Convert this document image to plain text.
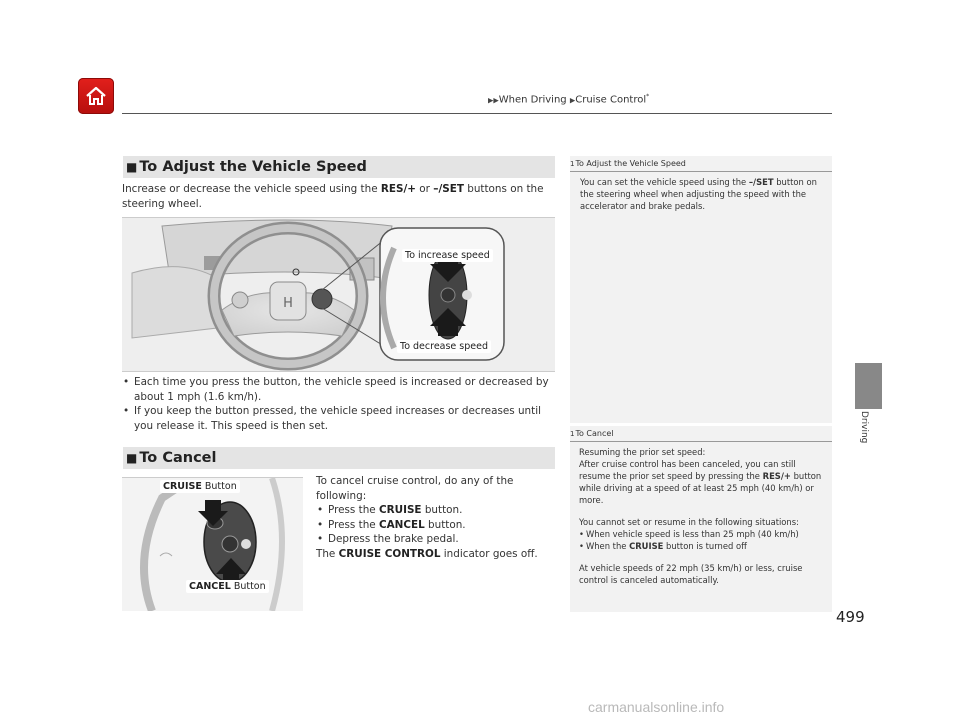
▶▶When Driving ▶Cruise Control*
Driving
■ To Adjust the Vehicle Speed
Increase or decrease the vehicle speed using the RES/+ or –/SET buttons on the steering wheel.
H
To increase speed
To decrease speed
• Each time you press the button, the vehicle speed is increased or decreased by about 1 mph (1.6 km/h).
• If you keep the button pressed, the vehicle speed increases or decreases until you release it. This speed is then set.
■ To Cancel
CRUISE Button
CANCEL Button
To cancel cruise control, do any of the following:
• Press the CRUISE button.
• Press the CANCEL button.
• Depress the brake pedal.
The CRUISE CONTROL indicator goes off.
1To Adjust the Vehicle Speed
You can set the vehicle speed using the –/SET button on the steering wheel when adjusting the speed with the accelerator and brake pedals.
1To Cancel
Resuming the prior set speed:
After cruise control has been canceled, you can still resume the prior set speed by pressing the RES/+ button while driving at a speed of at least 25 mph (40 km/h) or more.
You cannot set or resume in the following situations:
• When vehicle speed is less than 25 mph (40 km/h)
• When the CRUISE button is turned off
At vehicle speeds of 22 mph (35 km/h) or less, cruise control is canceled automatically.
499
carmanualsonline.info
